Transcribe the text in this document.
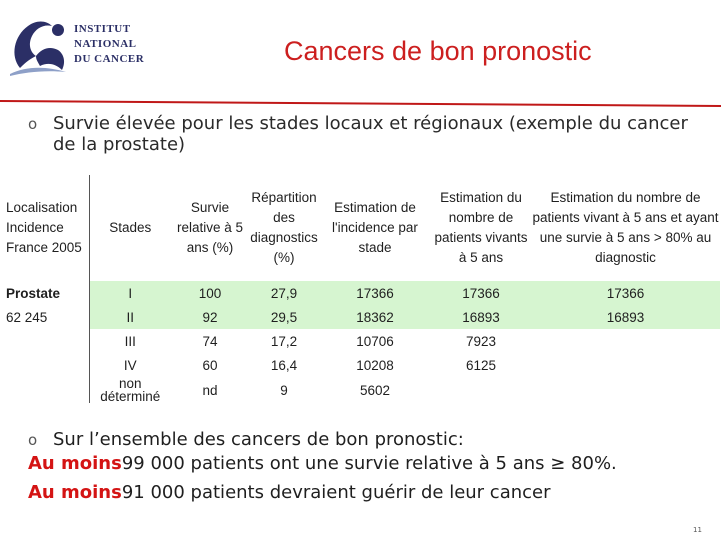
INSTITUT
NATIONAL
DU CANCER	Cancers de bon pronostic
o Survie élevée pour les stades locaux et régionaux (exemple du cancer de la prostate)
Localisation Incidence France 2005	Stades	Survie relative à 5 ans (%)	Répartition des diagnostics (%)	Estimation de l'incidence par stade	Estimation du nombre de patients vivants à 5 ans	Estimation du nombre de patients vivant à 5 ans et ayant une survie à 5 ans > 80% au diagnostic
Prostate	I	100	27,9	17366	17366	17366
62 245	II	92	29,5	18362	16893	16893
	III	74	17,2	10706	7923	
	IV	60	16,4	10208	6125	
	non déterminé	nd	9	5602		
o Sur l’ensemble des cancers de bon pronostic:
Au moins99 000 patients ont une survie relative à 5 ans ≥ 80%.
Au moins91 000 patients devraient guérir de leur cancer
11
